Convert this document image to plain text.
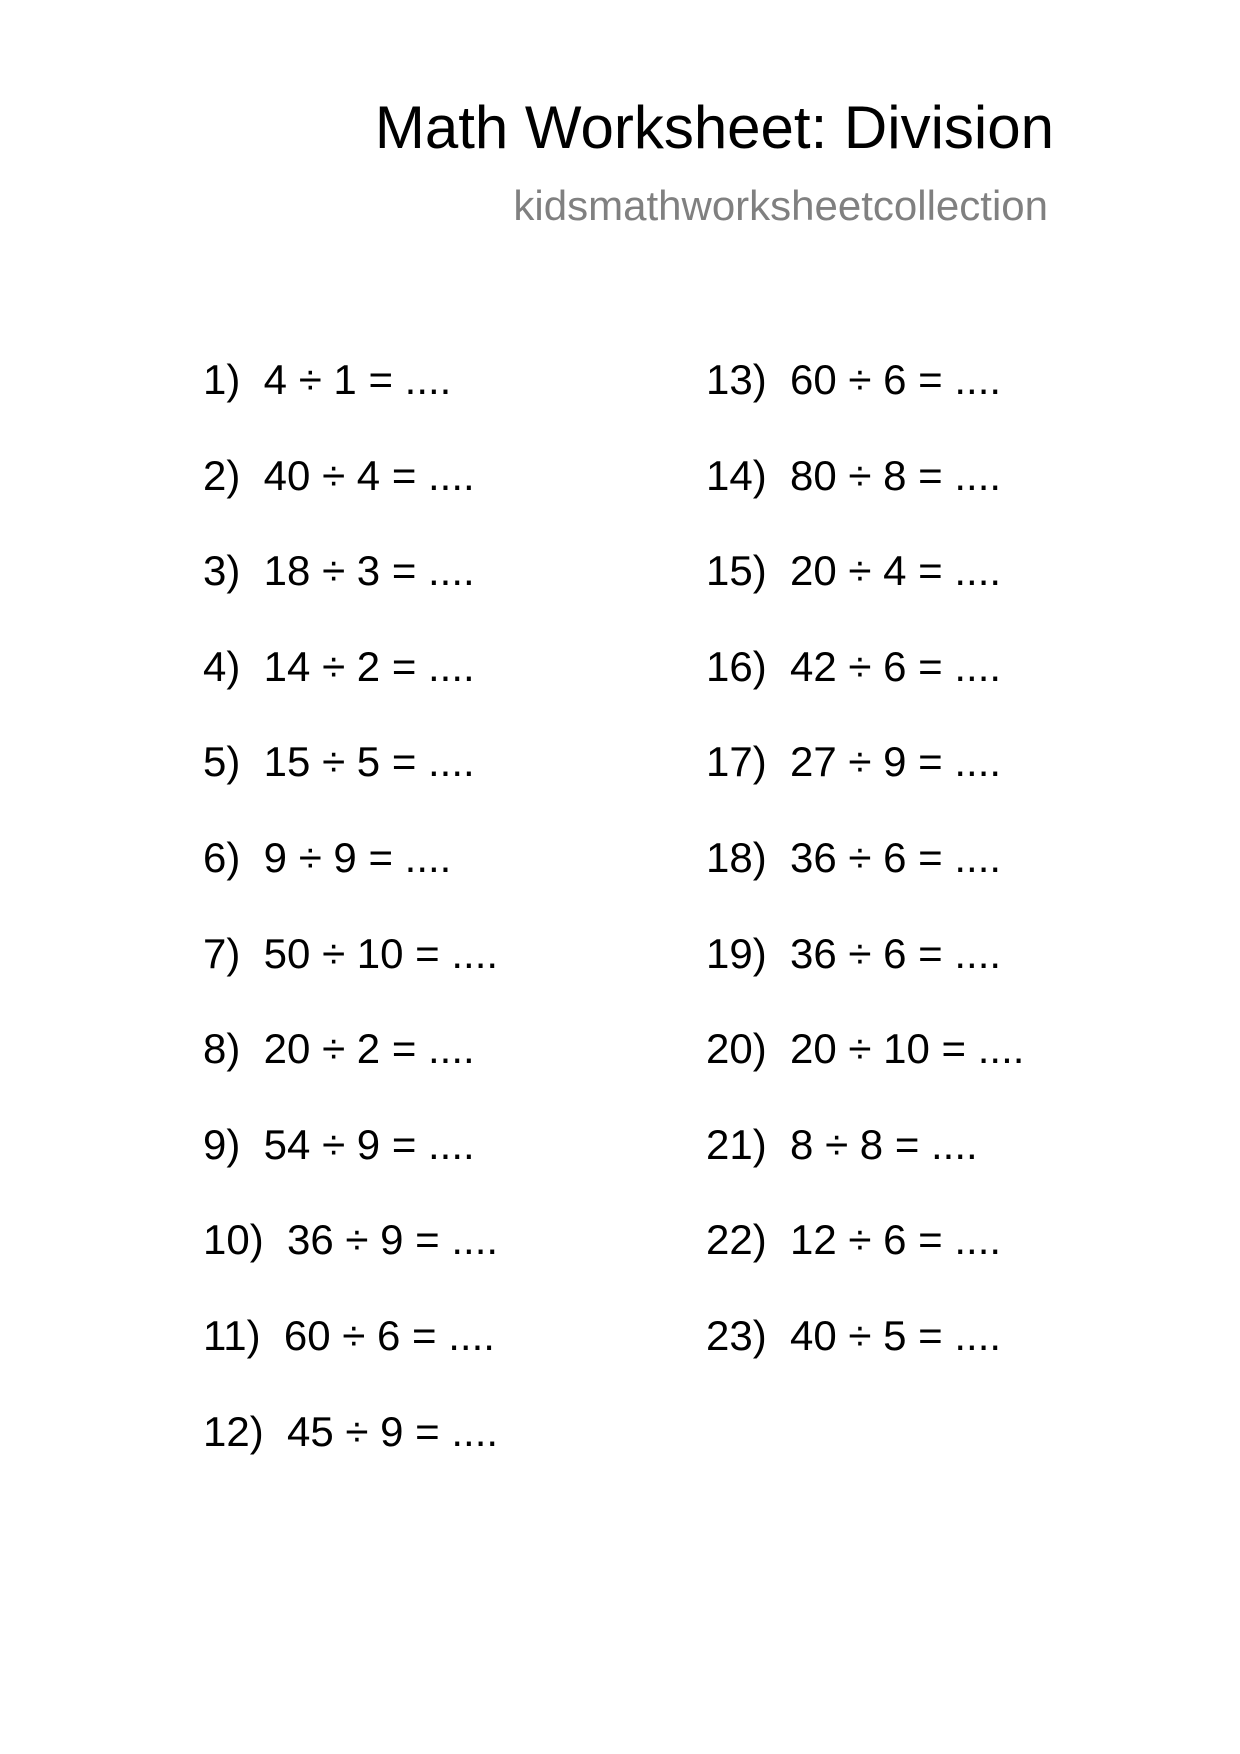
Math Worksheet: Division
kidsmathworksheetcollection
1)  4 ÷ 1 = ....
2)  40 ÷ 4 = ....
3)  18 ÷ 3 = ....
4)  14 ÷ 2 = ....
5)  15 ÷ 5 = ....
6)  9 ÷ 9 = ....
7)  50 ÷ 10 = ....
8)  20 ÷ 2 = ....
9)  54 ÷ 9 = ....
10)  36 ÷ 9 = ....
11)  60 ÷ 6 = ....
12)  45 ÷ 9 = ....
13)  60 ÷ 6 = ....
14)  80 ÷ 8 = ....
15)  20 ÷ 4 = ....
16)  42 ÷ 6 = ....
17)  27 ÷ 9 = ....
18)  36 ÷ 6 = ....
19)  36 ÷ 6 = ....
20)  20 ÷ 10 = ....
21)  8 ÷ 8 = ....
22)  12 ÷ 6 = ....
23)  40 ÷ 5 = ....
